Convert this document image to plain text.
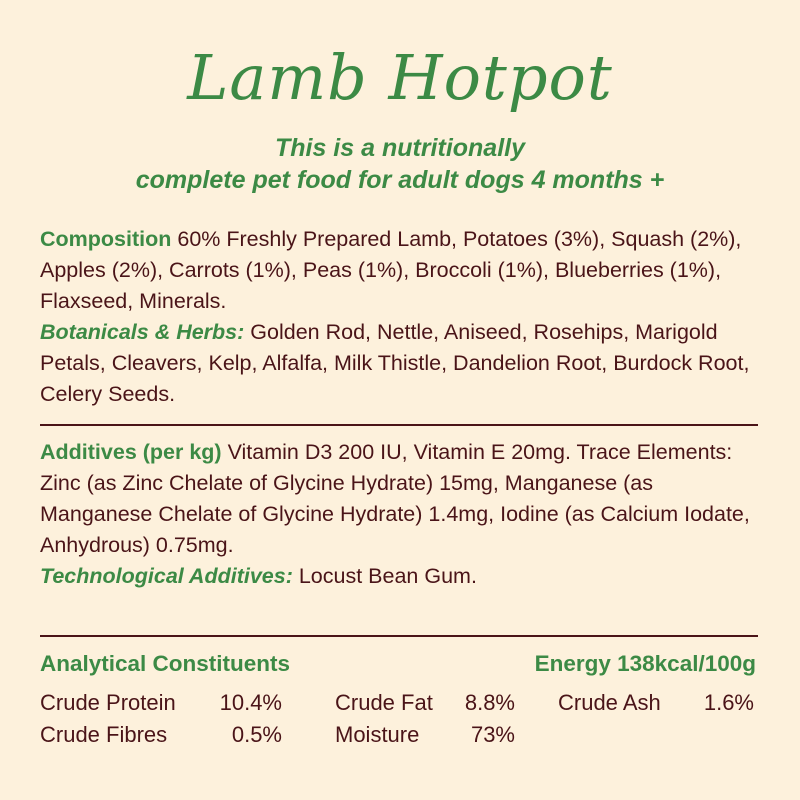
Lamb Hotpot
This is a nutritionally
complete pet food for adult dogs 4 months +
Composition 60% Freshly Prepared Lamb, Potatoes (3%), Squash (2%), Apples (2%), Carrots (1%), Peas (1%), Broccoli (1%), Blueberries (1%), Flaxseed, Minerals.
Botanicals & Herbs: Golden Rod, Nettle, Aniseed, Rosehips, Marigold Petals, Cleavers, Kelp, Alfalfa, Milk Thistle, Dandelion Root, Burdock Root, Celery Seeds.
Additives (per kg) Vitamin D3 200 IU, Vitamin E 20mg. Trace Elements: Zinc (as Zinc Chelate of Glycine Hydrate) 15mg, Manganese (as Manganese Chelate of Glycine Hydrate) 1.4mg, Iodine (as Calcium Iodate, Anhydrous) 0.75mg.
Technological Additives: Locust Bean Gum.
Analytical Constituents	Energy 138kcal/100g
Crude Protein 10.4% Crude Fat 8.8% Crude Ash 1.6%
Crude Fibres	0.5% Moisture 73%
